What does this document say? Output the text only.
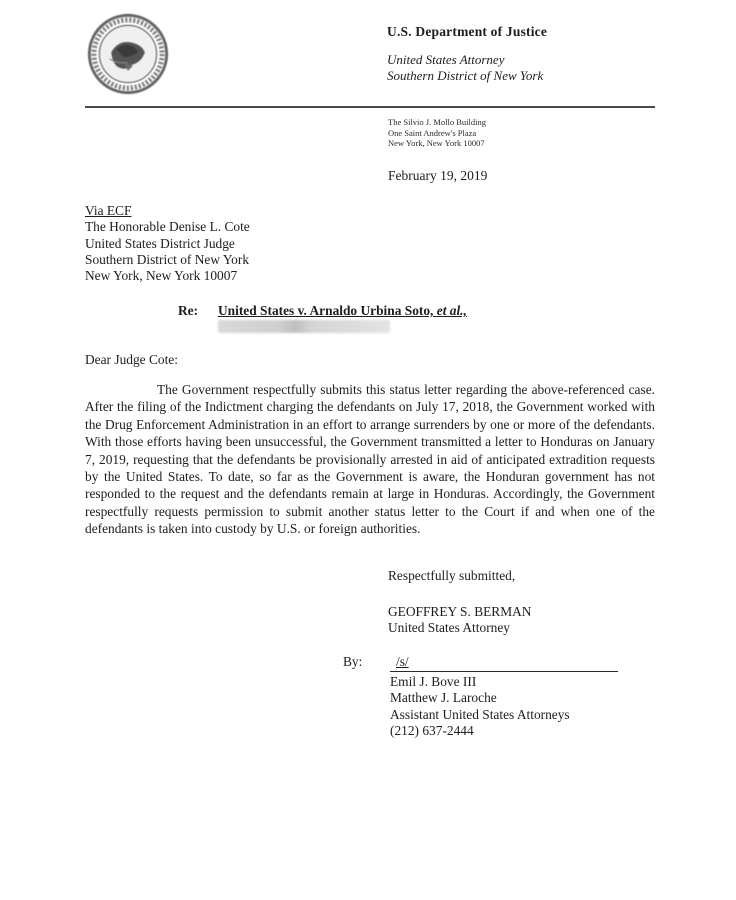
U.S. Department of Justice
United States Attorney
Southern District of New York
The Silvio J. Mollo Building
One Saint Andrew's Plaza
New York, New York 10007
February 19, 2019
Via ECF
The Honorable Denise L. Cote
United States District Judge
Southern District of New York
New York, New York 10007
Re: United States v. Arnaldo Urbina Soto, et al.,
Dear Judge Cote:
The Government respectfully submits this status letter regarding the above-referenced case. After the filing of the Indictment charging the defendants on July 17, 2018, the Government worked with the Drug Enforcement Administration in an effort to arrange surrenders by one or more of the defendants. With those efforts having been unsuccessful, the Government transmitted a letter to Honduras on January 7, 2019, requesting that the defendants be provisionally arrested in aid of anticipated extradition requests by the United States. To date, so far as the Government is aware, the Honduran government has not responded to the request and the defendants remain at large in Honduras. Accordingly, the Government respectfully requests permission to submit another status letter to the Court if and when one of the defendants is taken into custody by U.S. or foreign authorities.
Respectfully submitted,
GEOFFREY S. BERMAN
United States Attorney
By:	/s/
Emil J. Bove III
Matthew J. Laroche
Assistant United States Attorneys
(212) 637-2444
